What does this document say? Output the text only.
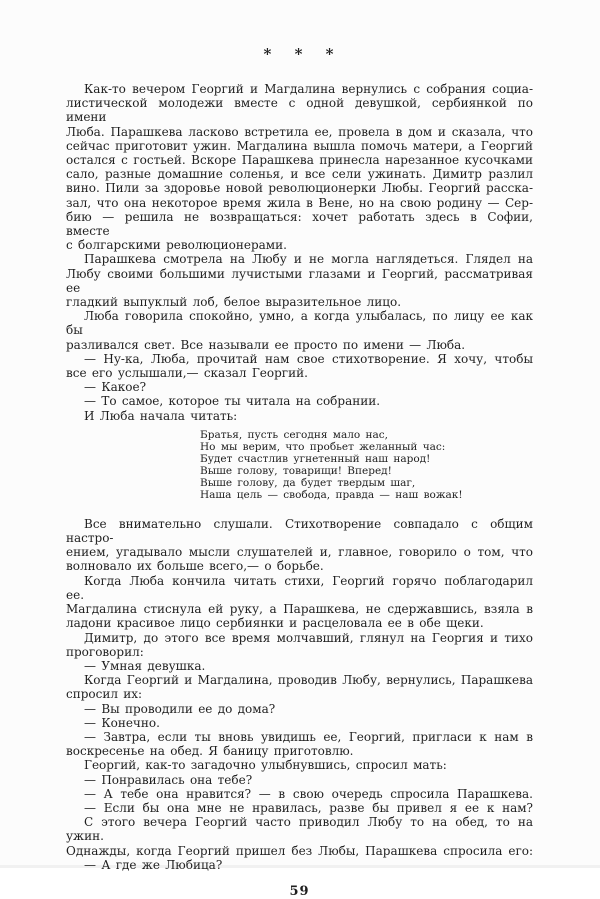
* * *
Как-то вечером Георгий и Магдалина вернулись с собрания социа-
листической молодежи вместе с одной девушкой, сербиянкой по имени
Люба. Парашкева ласково встретила ее, провела в дом и сказала, что
сейчас приготовит ужин. Магдалина вышла помочь матери, а Георгий
остался с гостьей. Вскоре Парашкева принесла нарезанное кусочками
сало, разные домашние соленья, и все сели ужинать. Димитр разлил
вино. Пили за здоровье новой революционерки Любы. Георгий расска-
зал, что она некоторое время жила в Вене, но на свою родину — Сер-
бию — решила не возвращаться: хочет работать здесь в Софии, вместе
с болгарскими революционерами.
Парашкева смотрела на Любу и не могла наглядеться. Глядел на
Любу своими большими лучистыми глазами и Георгий, рассматривая ее
гладкий выпуклый лоб, белое выразительное лицо.
Люба говорила спокойно, умно, а когда улыбалась, по лицу ее как бы
разливался свет. Все называли ее просто по имени — Люба.
— Ну-ка, Люба, прочитай нам свое стихотворение. Я хочу, чтобы
все его услышали,— сказал Георгий.
— Какое?
— То самое, которое ты читала на собрании.
И Люба начала читать:
Братья, пусть сегодня мало нас,
Но мы верим, что пробьет желанный час:
Будет счастлив угнетенный наш народ!
Выше голову, товарищи! Вперед!
Выше голову, да будет твердым шаг,
Наша цель — свобода, правда — наш вожак!
Все внимательно слушали. Стихотворение совпадало с общим настро-
ением, угадывало мысли слушателей и, главное, говорило о том, что
волновало их больше всего,— о борьбе.
Когда Люба кончила читать стихи, Георгий горячо поблагодарил ее.
Магдалина стиснула ей руку, а Парашкева, не сдержавшись, взяла в
ладони красивое лицо сербиянки и расцеловала ее в обе щеки.
Димитр, до этого все время молчавший, глянул на Георгия и тихо
проговорил:
— Умная девушка.
Когда Георгий и Магдалина, проводив Любу, вернулись, Парашкева
спросил их:
— Вы проводили ее до дома?
— Конечно.
— Завтра, если ты вновь увидишь ее, Георгий, пригласи к нам в
воскресенье на обед. Я баницу приготовлю.
Георгий, как-то загадочно улыбнувшись, спросил мать:
— Понравилась она тебе?
— А тебе она нравится? — в свою очередь спросила Парашкева.
— Если бы она мне не нравилась, разве бы привел я ее к нам?
С этого вечера Георгий часто приводил Любу то на обед, то на ужин.
Однажды, когда Георгий пришел без Любы, Парашкева спросила его:
— А где же Любица?
59
